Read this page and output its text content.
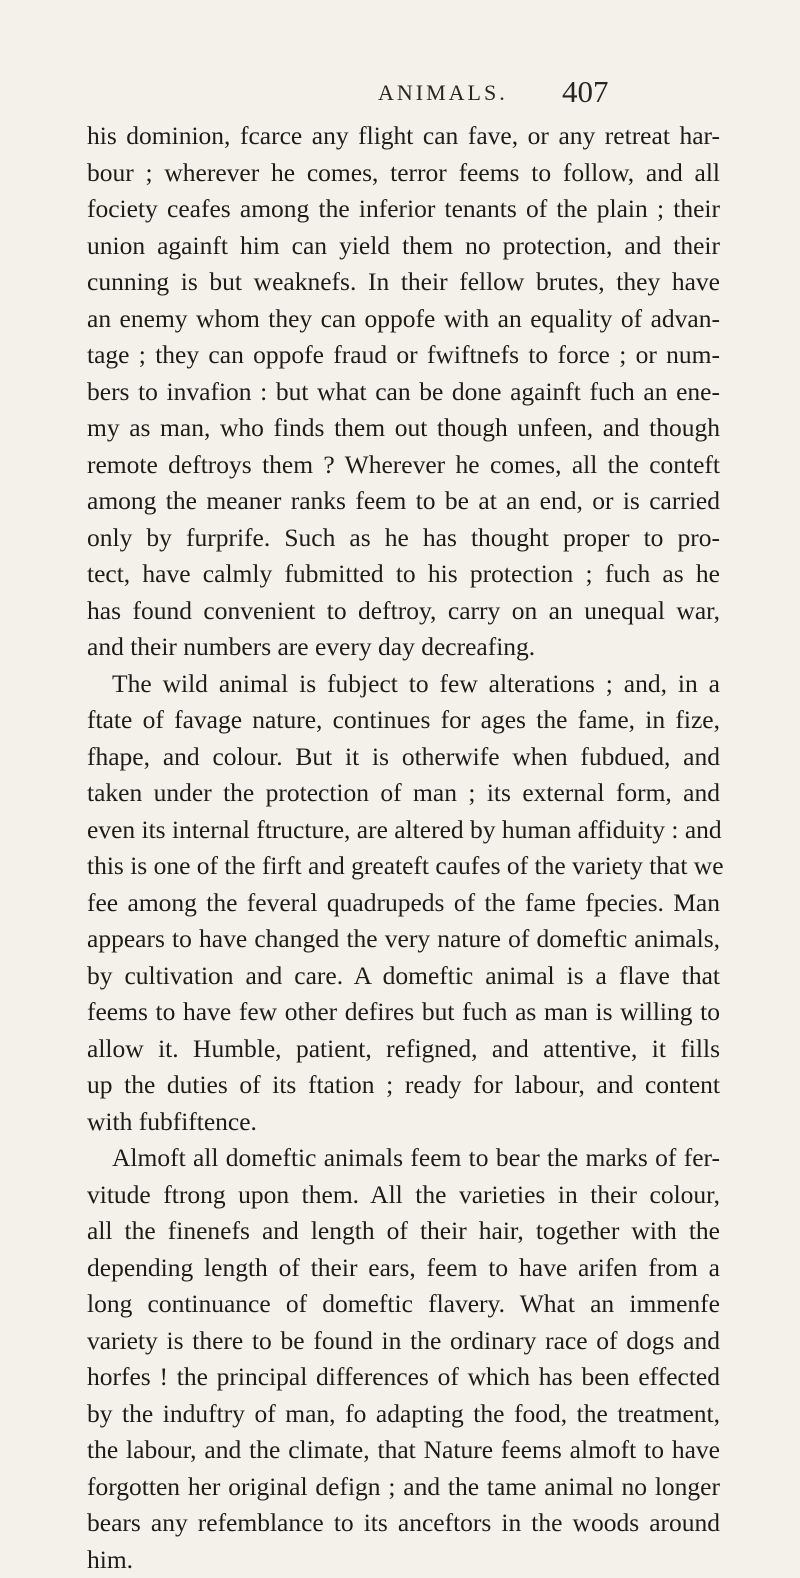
ANIMALS. 407
his dominion, fcarce any flight can fave, or any retreat har-
bour ; wherever he comes, terror feems to follow, and all
fociety ceafes among the inferior tenants of the plain ; their
union againft him can yield them no protection, and their
cunning is but weaknefs. In their fellow brutes, they have
an enemy whom they can oppofe with an equality of advan-
tage ; they can oppofe fraud or fwiftnefs to force ; or num-
bers to invafion : but what can be done againft fuch an ene-
my as man, who finds them out though unfeen, and though
remote deftroys them ? Wherever he comes, all the conteft
among the meaner ranks feem to be at an end, or is carried
only by furprife. Such as he has thought proper to pro-
tect, have calmly fubmitted to his protection ; fuch as he
has found convenient to deftroy, carry on an unequal war,
and their numbers are every day decreafing.
The wild animal is fubject to few alterations ; and, in a
ftate of favage nature, continues for ages the fame, in fize,
fhape, and colour. But it is otherwife when fubdued, and
taken under the protection of man ; its external form, and
even its internal ftructure, are altered by human affiduity : and
this is one of the firft and greateft caufes of the variety that we
fee among the feveral quadrupeds of the fame fpecies. Man
appears to have changed the very nature of domeftic animals,
by cultivation and care. A domeftic animal is a flave that
feems to have few other defires but fuch as man is willing to
allow it. Humble, patient, refigned, and attentive, it fills
up the duties of its ftation ; ready for labour, and content
with fubfiftence.
Almoft all domeftic animals feem to bear the marks of fer-
vitude ftrong upon them. All the varieties in their colour,
all the finenefs and length of their hair, together with the
depending length of their ears, feem to have arifen from a
long continuance of domeftic flavery. What an immenfe
variety is there to be found in the ordinary race of dogs and
horfes ! the principal differences of which has been effected
by the induftry of man, fo adapting the food, the treatment,
the labour, and the climate, that Nature feems almoft to have
forgotten her original defign ; and the tame animal no longer
bears any refemblance to its anceftors in the woods around
him.
